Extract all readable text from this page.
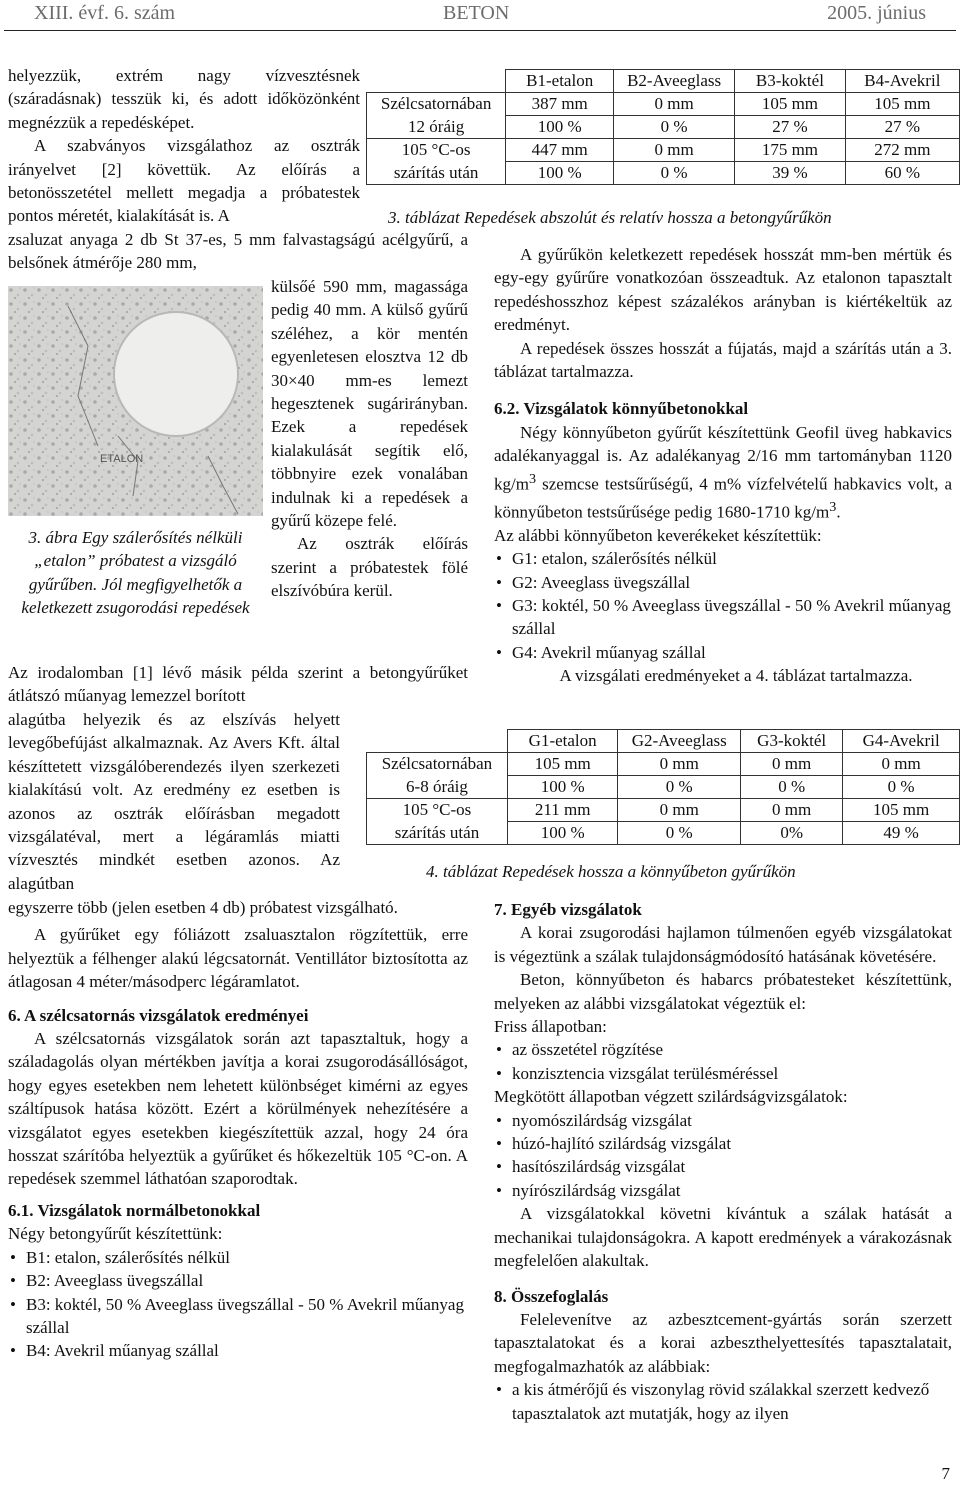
XIII. évf. 6. szám	BETON	2005. június

helyezzük, extrém nagy vízvesztésnek (száradásnak) tesszük ki, és adott időközönként megnézzük a repedésképet.

A szabványos vizsgálathoz az osztrák irányelvet [2] követtük. Az előírás a betonösszetétel mellett megadja a próbatestek pontos méretét, kialakítását is. A

zsaluzat anyaga 2 db St 37-es, 5 mm falvastagságú acélgyűrű, a belsőnek átmérője 280 mm,

ETALON
3. ábra Egy szálerősítés nélküli „etalon” próbatest a vizsgáló gyűrűben. Jól megfigyelhetők a keletkezett zsugorodási repedések

külsőé 590 mm, magassága pedig 40 mm. A külső gyűrű széléhez, a kör mentén egyenletesen elosztva 12 db 30×40 mm-es lemezt hegesztenek sugárirányban. Ezek a repedések kialakulását segítik elő, többnyire ezek vonalában indulnak ki a repedések a gyűrű közepe felé.

Az osztrák előírás szerint a próbatestek fölé elszívóbúra kerül.

Az irodalomban [1] lévő másik példa szerint a betongyűrűket átlátszó műanyag lemezzel borított

alagútba helyezik és az elszívás helyett levegőbefújást alkalmaznak. Az Avers Kft. által készíttetett vizsgálóberendezés ilyen szerkezeti kialakítású volt. Az eredmény ez esetben is azonos az osztrák előírásban megadott vizsgálatéval, mert a légáramlás miatti vízvesztés mindkét esetben azonos. Az alagútban

egyszerre több (jelen esetben 4 db) próbatest vizsgálható.

A gyűrűket egy fóliázott zsaluasztalon rögzítettük, erre helyeztük a félhenger alakú légcsatornát. Ventillátor biztosította az átlagosan 4 méter/másodperc légáramlatot.

6. A szélcsatornás vizsgálatok eredményei

A szélcsatornás vizsgálatok során azt tapasztaltuk, hogy a száladagolás olyan mértékben javítja a korai zsugorodásállóságot, hogy egyes esetekben nem lehetett különbséget kimérni az egyes száltípusok hatása között. Ezért a körülmények nehezítésére a vizsgálatot egyes esetekben kiegészítettük azzal, hogy 24 óra hosszat szárítóba helyeztük a gyűrűket és hőkezeltük 105 °C-on. A repedések szemmel láthatóan szaporodtak.

6.1. Vizsgálatok normálbetonokkal

Négy betongyűrűt készítettünk:

• B1: etalon, szálerősítés nélkül
• B2: Aveeglass üvegszállal
• B3: koktél, 50 % Aveeglass üvegszállal - 50 % Avekril műanyag szállal
• B4: Avekril műanyag szállal
	B1-etalon	B2-Aveeglass	B3-koktél	B4-Avekril
Szélcsatornában	387 mm	0 mm	105 mm	105 mm
12 óráig	100 %	0 %	27 %	27 %
105 °C-os	447 mm	0 mm	175 mm	272 mm
szárítás után	100 %	0 %	39 %	60 %
3. táblázat Repedések abszolút és relatív hossza a betongyűrűkön

A gyűrűkön keletkezett repedések hosszát mm-ben mértük és egy-egy gyűrűre vonatkozóan összeadtuk. Az etalonon tapasztalt repedéshosszhoz képest százalékos arányban is kiértékeltük az eredményt.

A repedések összes hosszát a fújatás, majd a szárítás után a 3. táblázat tartalmazza.

6.2. Vizsgálatok könnyűbetonokkal

Négy könnyűbeton gyűrűt készítettünk Geofil üveg habkavics adalékanyaggal is. Az adalékanyag 2/16 mm tartományban 1120 $kg/m^3$ szemcse testsűrűségű, 4 m% vízfelvételű habkavics volt, a könnyűbeton testsűrűsége pedig 1680-1710 $kg/m^3$.

Az alábbi könnyűbeton keverékeket készítettük:

• G1: etalon, szálerősítés nélkül
• G2: Aveeglass üvegszállal
• G3: koktél, 50 % Aveeglass üvegszállal - 50 % Avekril műanyag szállal
• G4: Avekril műanyag szállal

A vizsgálati eredményeket a 4. táblázat tartalmazza.

	G1-etalon	G2-Aveeglass	G3-koktél	G4-Avekril
Szélcsatornában	105 mm	0 mm	0 mm	0 mm
6-8 óráig	100 %	0 %	0 %	0 %
105 °C-os	211 mm	0 mm	0 mm	105 mm
szárítás után	100 %	0 %	0%	49 %
4. táblázat Repedések hossza a könnyűbeton gyűrűkön
7. Egyéb vizsgálatok

A korai zsugorodási hajlamon túlmenően egyéb vizsgálatokat is végeztünk a szálak tulajdonságmódosító hatásának követésére.

Beton, könnyűbeton és habarcs próbatesteket készítettünk, melyeken az alábbi vizsgálatokat végeztük el:

Friss állapotban:

• az összetétel rögzítése
• konzisztencia vizsgálat terülésméréssel

Megkötött állapotban végzett szilárdságvizsgálatok:

• nyomószilárdság vizsgálat
• húzó-hajlító szilárdság vizsgálat
• hasítószilárdság vizsgálat
• nyírószilárdság vizsgálat

A vizsgálatokkal követni kívántuk a szálak hatását a mechanikai tulajdonságokra. A kapott eredmények a várakozásnak megfelelően alakultak.

8. Összefoglalás

Felelevenítve az azbesztcement-gyártás során szerzett tapasztalatokat és a korai azbeszthelyettesítés tapasztalatait, megfogalmazhatók az alábbiak:

• a kis átmérőjű és viszonylag rövid szálakkal szerzett kedvező tapasztalatok azt mutatják, hogy az ilyen
7
